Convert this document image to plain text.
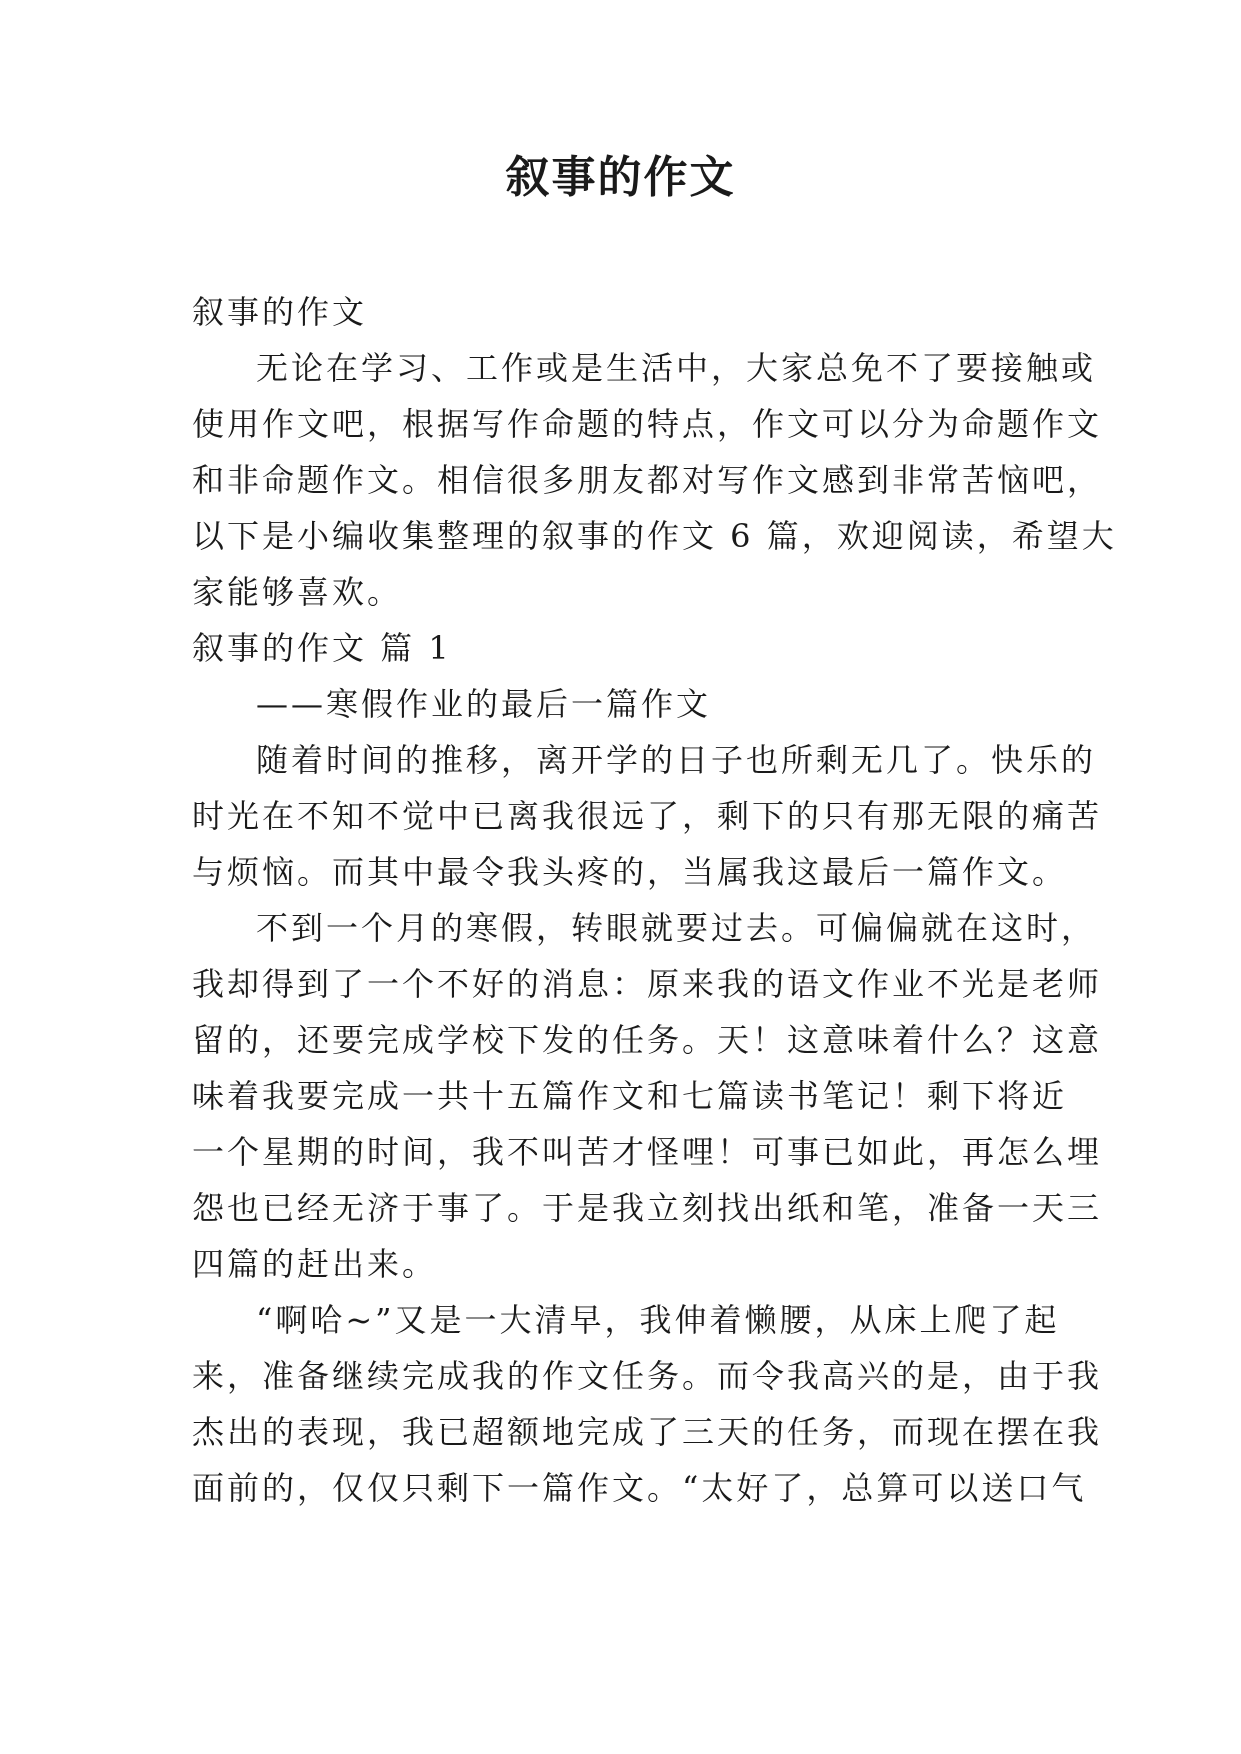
叙事的作文

叙事的作文

无论在学习、工作或是生活中，大家总免不了要接触或

使用作文吧，根据写作命题的特点，作文可以分为命题作文

和非命题作文。相信很多朋友都对写作文感到非常苦恼吧，

以下是小编收集整理的叙事的作文 6 篇，欢迎阅读，希望大

家能够喜欢。

叙事的作文 篇 1

——寒假作业的最后一篇作文

随着时间的推移，离开学的日子也所剩无几了。快乐的

时光在不知不觉中已离我很远了，剩下的只有那无限的痛苦

与烦恼。而其中最令我头疼的，当属我这最后一篇作文。

不到一个月的寒假，转眼就要过去。可偏偏就在这时，

我却得到了一个不好的消息：原来我的语文作业不光是老师

留的，还要完成学校下发的任务。天！这意味着什么？这意

味着我要完成一共十五篇作文和七篇读书笔记！剩下将近

一个星期的时间，我不叫苦才怪哩！可事已如此，再怎么埋

怨也已经无济于事了。于是我立刻找出纸和笔，准备一天三

四篇的赶出来。

“啊哈~”又是一大清早，我伸着懒腰，从床上爬了起

来，准备继续完成我的作文任务。而令我高兴的是，由于我

杰出的表现，我已超额地完成了三天的任务，而现在摆在我

面前的，仅仅只剩下一篇作文。“太好了，总算可以送口气
